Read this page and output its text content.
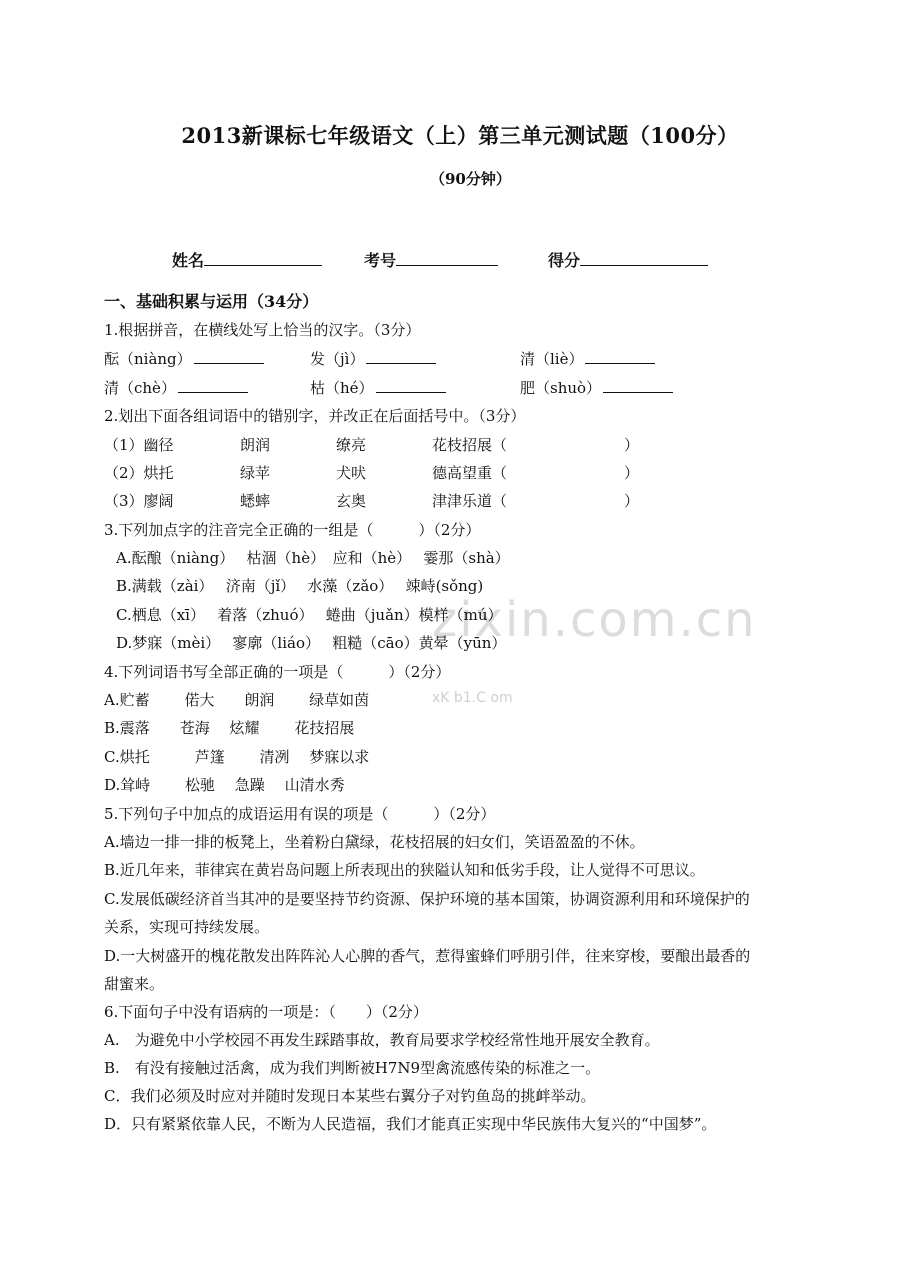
zixin.com.cn
xK b1.C om
2013新课标七年级语文（上）第三单元测试题（100分）
（90分钟）
姓名	考号	得分
一、基础积累与运用（34分）
1.根据拼音，在横线处写上恰当的汉字。（3分）
酝（niàng）	发（jì）	清（liè）
清（chè）	枯（hé）	肥（shuò）
2.划出下面各组词语中的错别字，并改正在后面括号中。（3分）
（1）幽径	朗润	缭亮	花枝招展（	）
（2）烘托	绿苹	犬吠	德高望重（	）
（3）廖阔	蟋蟀	玄奥	津津乐道（	）
3.下列加点字的注音完全正确的一组是（　　　）（2分）
A.酝酿（niàng）　 枯涸（hè）　应和（hè）　 霎那（shà）
B.满载（zài）　 济南（jǐ）　 水藻（zǎo）　 竦峙(sǒng)
C.栖息（xī）　 着落（zhuó）　 蜷曲（juǎn）模样（mú）
D.梦寐（mèi）　 寥廓（liáo）　 粗糙（cāo）黄晕（yūn）
4.下列词语书写全部正确的一项是（　　　）（2分）
A.贮蓄　　 偌大　　朗润　　 绿草如茵
B.震落　　苍海　 炫耀　　 花技招展
C.烘托　　　芦篷　　 清冽　 梦寐以求
D.耸峙　　 松驰　 急躁　 山清水秀
5.下列句子中加点的成语运用有误的项是（　　　）（2分）
A.墙边一排一排的板凳上，坐着粉白黛绿，花枝招展的妇女们，笑语盈盈的不休。
B.近几年来，菲律宾在黄岩岛问题上所表现出的狭隘认知和低劣手段，让人觉得不可思议。
C.发展低碳经济首当其冲的是要坚持节约资源、保护环境的基本国策，协调资源利用和环境保护的
关系，实现可持续发展。
D.一大树盛开的槐花散发出阵阵沁人心脾的香气，惹得蜜蜂们呼朋引伴，往来穿梭，要酿出最香的
甜蜜来。
6.下面句子中没有语病的一项是：（　　）（2分）
A.　为避免中小学校园不再发生踩踏事故，教育局要求学校经常性地开展安全教育。
B.　有没有接触过活禽，成为我们判断被H7N9型禽流感传染的标准之一。
C．我们必须及时应对并随时发现日本某些右翼分子对钓鱼岛的挑衅举动。
D．只有紧紧依靠人民，不断为人民造福，我们才能真正实现中华民族伟大复兴的“中国梦”。
